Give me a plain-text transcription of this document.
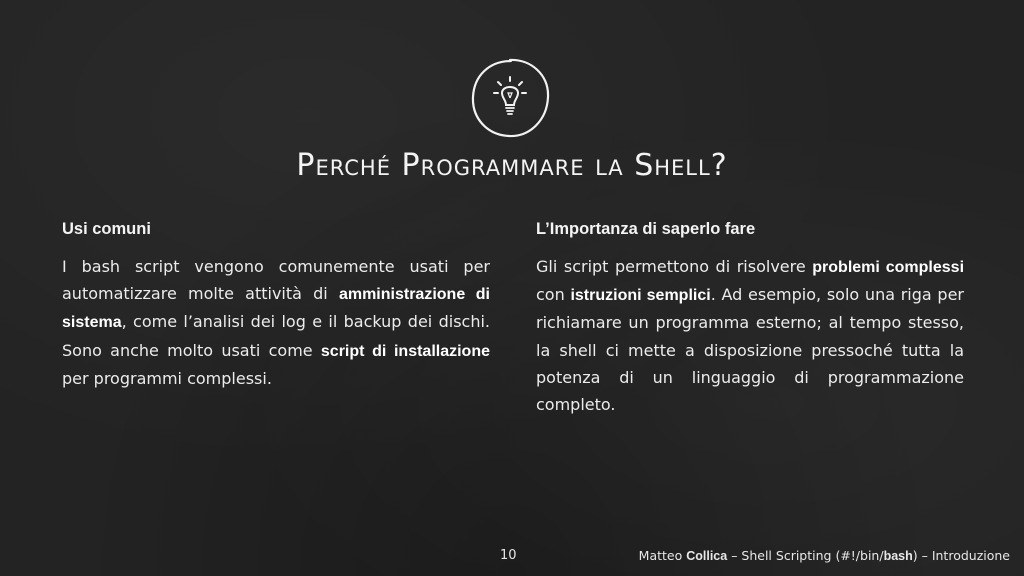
Perché Programmare la Shell?
Usi comuni

I bash script vengono comunemente usati per automatizzare molte attività di amministrazione di sistema, come l’analisi dei log e il backup dei dischi. Sono anche molto usati come script di installazione per programmi complessi.

L’Importanza di saperlo fare

Gli script permettono di risolvere problemi complessi con istruzioni semplici. Ad esempio, solo una riga per richiamare un programma esterno; al tempo stesso, la shell ci mette a disposizione pressoché tutta la potenza di un linguaggio di programmazione completo.

10	Matteo Collica – Shell Scripting (#!/bin/bash) – Introduzione
